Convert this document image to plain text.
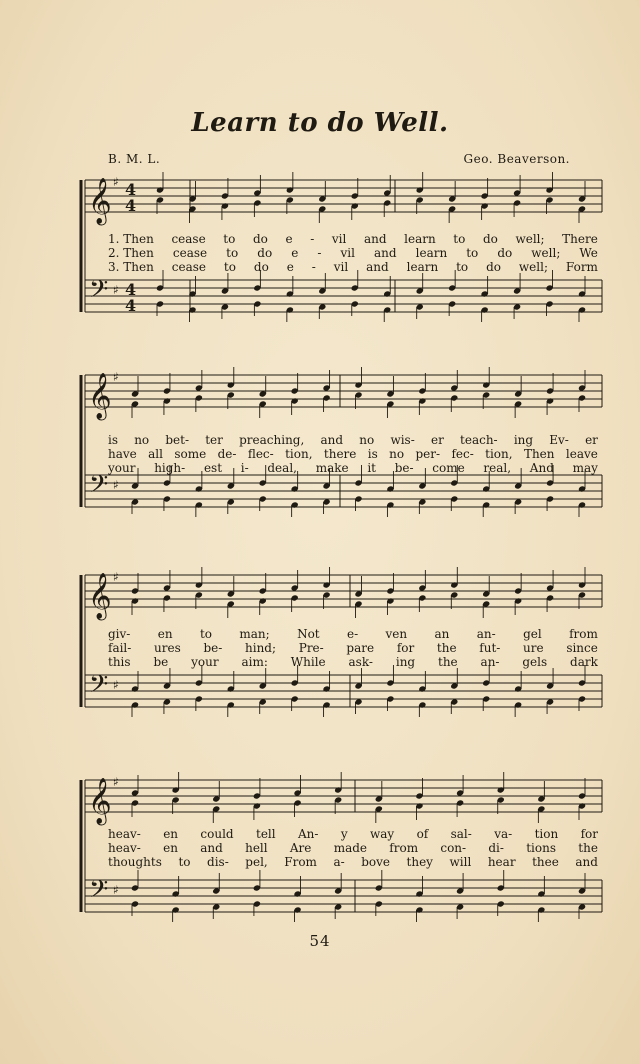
Learn to do Well.
B. M. L.	Geo. Beaverson.
𝄞
𝄢
♯
♯
4
4
4
4
1. Then cease to do e - vil and learn to do well; There
2. Then cease to do e - vil and learn to do well; We
3. Then cease to do e - vil and learn to do well; Form
𝄞
𝄢
♯
♯
is no bet- ter preaching, and no wis- er teach- ing Ev- er
have all some de- flec- tion, there is no per- fec- tion, Then leave
your high- est i- deal, make it be- come real, And may
𝄞
𝄢
♯
♯
giv- en to man; Not e- ven an an- gel from
fail- ures be- hind; Pre- pare for the fut- ure since
this be your aim: While ask- ing the an- gels dark
𝄞
𝄢
♯
♯
heav- en could tell An- y way of sal- va- tion for
heav- en and hell Are made from con- di- tions the
thoughts to dis- pel, From a- bove they will hear thee and
54
